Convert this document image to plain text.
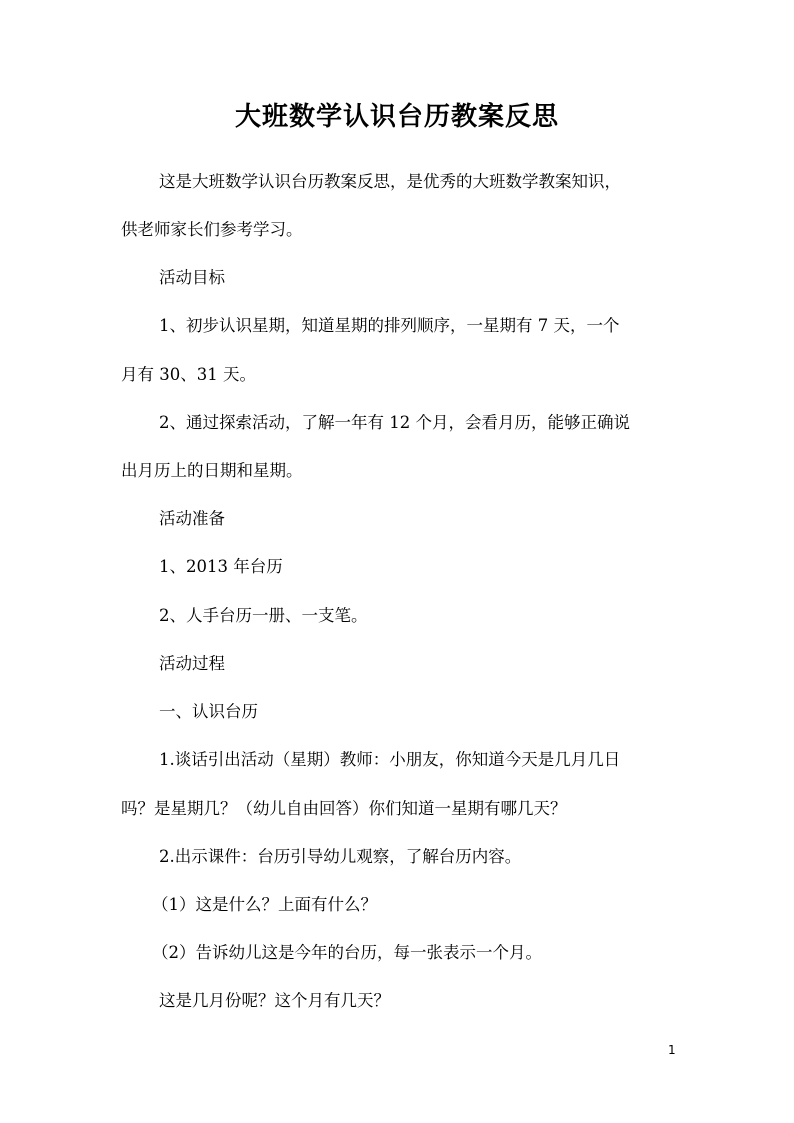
大班数学认识台历教案反思
这是大班数学认识台历教案反思，是优秀的大班数学教案知识，
供老师家长们参考学习。
活动目标
1、初步认识星期，知道星期的排列顺序，一星期有 7 天，一个
月有 30、31 天。
2、通过探索活动，了解一年有 12 个月，会看月历，能够正确说
出月历上的日期和星期。
活动准备
1、2013 年台历
2、人手台历一册、一支笔。
活动过程
一、认识台历
1.谈话引出活动（星期）教师：小朋友，你知道今天是几月几日
吗？是星期几？（幼儿自由回答）你们知道一星期有哪几天？
2.出示课件：台历引导幼儿观察，了解台历内容。
（1）这是什么？上面有什么？
（2）告诉幼儿这是今年的台历，每一张表示一个月。
这是几月份呢？这个月有几天？
1
